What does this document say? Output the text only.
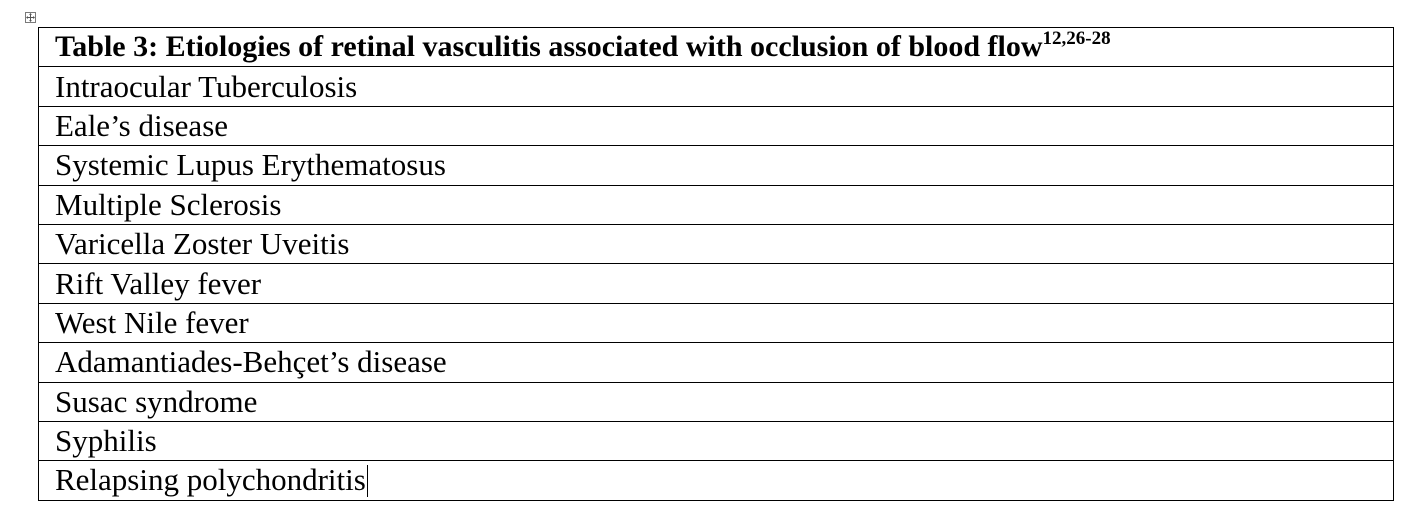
Table 3: Etiologies of retinal vasculitis associated with occlusion of blood flow$^{12,26-28}$
Intraocular Tuberculosis
Eale’s disease
Systemic Lupus Erythematosus
Multiple Sclerosis
Varicella Zoster Uveitis
Rift Valley fever
West Nile fever
Adamantiades-Behçet’s disease
Susac syndrome
Syphilis
Relapsing polychondritis
